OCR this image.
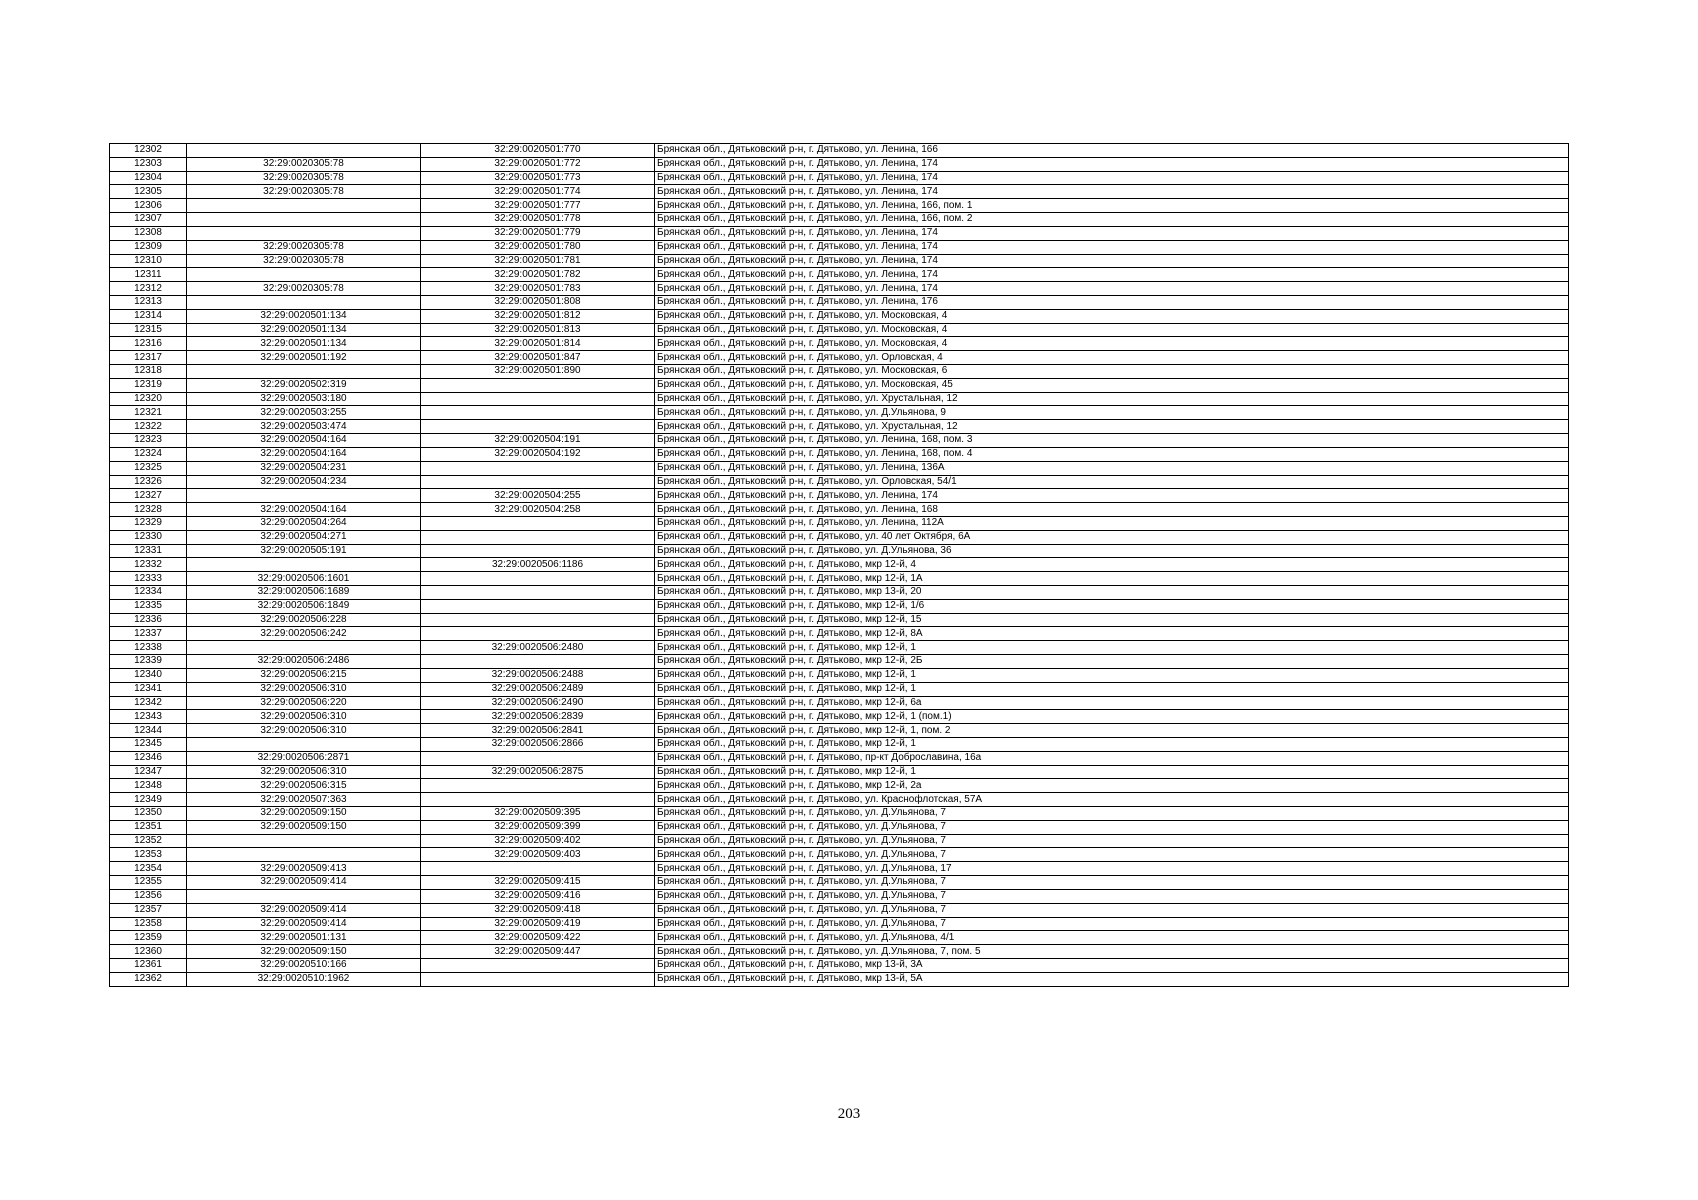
12302		32:29:0020501:770	Брянская обл., Дятьковский р-н, г. Дятьково, ул. Ленина, 166
12303	32:29:0020305:78	32:29:0020501:772	Брянская обл., Дятьковский р-н, г. Дятьково, ул. Ленина, 174
12304	32:29:0020305:78	32:29:0020501:773	Брянская обл., Дятьковский р-н, г. Дятьково, ул. Ленина, 174
12305	32:29:0020305:78	32:29:0020501:774	Брянская обл., Дятьковский р-н, г. Дятьково, ул. Ленина, 174
12306		32:29:0020501:777	Брянская обл., Дятьковский р-н, г. Дятьково, ул. Ленина, 166, пом. 1
12307		32:29:0020501:778	Брянская обл., Дятьковский р-н, г. Дятьково, ул. Ленина, 166, пом. 2
12308		32:29:0020501:779	Брянская обл., Дятьковский р-н, г. Дятьково, ул. Ленина, 174
12309	32:29:0020305:78	32:29:0020501:780	Брянская обл., Дятьковский р-н, г. Дятьково, ул. Ленина, 174
12310	32:29:0020305:78	32:29:0020501:781	Брянская обл., Дятьковский р-н, г. Дятьково, ул. Ленина, 174
12311		32:29:0020501:782	Брянская обл., Дятьковский р-н, г. Дятьково, ул. Ленина, 174
12312	32:29:0020305:78	32:29:0020501:783	Брянская обл., Дятьковский р-н, г. Дятьково, ул. Ленина, 174
12313		32:29:0020501:808	Брянская обл., Дятьковский р-н, г. Дятьково, ул. Ленина, 176
12314	32:29:0020501:134	32:29:0020501:812	Брянская обл., Дятьковский р-н, г. Дятьково, ул. Московская, 4
12315	32:29:0020501:134	32:29:0020501:813	Брянская обл., Дятьковский р-н, г. Дятьково, ул. Московская, 4
12316	32:29:0020501:134	32:29:0020501:814	Брянская обл., Дятьковский р-н, г. Дятьково, ул. Московская, 4
12317	32:29:0020501:192	32:29:0020501:847	Брянская обл., Дятьковский р-н, г. Дятьково, ул. Орловская, 4
12318		32:29:0020501:890	Брянская обл., Дятьковский р-н, г. Дятьково, ул. Московская, 6
12319	32:29:0020502:319		Брянская обл., Дятьковский р-н, г. Дятьково, ул. Московская, 45
12320	32:29:0020503:180		Брянская обл., Дятьковский р-н, г. Дятьково, ул. Хрустальная, 12
12321	32:29:0020503:255		Брянская обл., Дятьковский р-н, г. Дятьково, ул. Д.Ульянова, 9
12322	32:29:0020503:474		Брянская обл., Дятьковский р-н, г. Дятьково, ул. Хрустальная, 12
12323	32:29:0020504:164	32:29:0020504:191	Брянская обл., Дятьковский р-н, г. Дятьково, ул. Ленина, 168, пом. 3
12324	32:29:0020504:164	32:29:0020504:192	Брянская обл., Дятьковский р-н, г. Дятьково, ул. Ленина, 168, пом. 4
12325	32:29:0020504:231		Брянская обл., Дятьковский р-н, г. Дятьково, ул. Ленина, 136А
12326	32:29:0020504:234		Брянская обл., Дятьковский р-н, г. Дятьково, ул. Орловская, 54/1
12327		32:29:0020504:255	Брянская обл., Дятьковский р-н, г. Дятьково, ул. Ленина, 174
12328	32:29:0020504:164	32:29:0020504:258	Брянская обл., Дятьковский р-н, г. Дятьково, ул. Ленина, 168
12329	32:29:0020504:264		Брянская обл., Дятьковский р-н, г. Дятьково, ул. Ленина, 112А
12330	32:29:0020504:271		Брянская обл., Дятьковский р-н, г. Дятьково, ул. 40 лет Октября, 6А
12331	32:29:0020505:191		Брянская обл., Дятьковский р-н, г. Дятьково, ул. Д.Ульянова, 36
12332		32:29:0020506:1186	Брянская обл., Дятьковский р-н, г. Дятьково, мкр 12-й, 4
12333	32:29:0020506:1601		Брянская обл., Дятьковский р-н, г. Дятьково, мкр 12-й, 1А
12334	32:29:0020506:1689		Брянская обл., Дятьковский р-н, г. Дятьково, мкр 13-й, 20
12335	32:29:0020506:1849		Брянская обл., Дятьковский р-н, г. Дятьково, мкр 12-й, 1/6
12336	32:29:0020506:228		Брянская обл., Дятьковский р-н, г. Дятьково, мкр 12-й, 15
12337	32:29:0020506:242		Брянская обл., Дятьковский р-н, г. Дятьково, мкр 12-й, 8А
12338		32:29:0020506:2480	Брянская обл., Дятьковский р-н, г. Дятьково, мкр 12-й, 1
12339	32:29:0020506:2486		Брянская обл., Дятьковский р-н, г. Дятьково, мкр 12-й, 2Б
12340	32:29:0020506:215	32:29:0020506:2488	Брянская обл., Дятьковский р-н, г. Дятьково, мкр 12-й, 1
12341	32:29:0020506:310	32:29:0020506:2489	Брянская обл., Дятьковский р-н, г. Дятьково, мкр 12-й, 1
12342	32:29:0020506:220	32:29:0020506:2490	Брянская обл., Дятьковский р-н, г. Дятьково, мкр 12-й, 6а
12343	32:29:0020506:310	32:29:0020506:2839	Брянская обл., Дятьковский р-н, г. Дятьково, мкр 12-й, 1 (пом.1)
12344	32:29:0020506:310	32:29:0020506:2841	Брянская обл., Дятьковский р-н, г. Дятьково, мкр 12-й, 1, пом. 2
12345		32:29:0020506:2866	Брянская обл., Дятьковский р-н, г. Дятьково, мкр 12-й, 1
12346	32:29:0020506:2871		Брянская обл., Дятьковский р-н, г. Дятьково, пр-кт Доброславина, 16а
12347	32:29:0020506:310	32:29:0020506:2875	Брянская обл., Дятьковский р-н, г. Дятьково, мкр 12-й, 1
12348	32:29:0020506:315		Брянская обл., Дятьковский р-н, г. Дятьково, мкр 12-й, 2а
12349	32:29:0020507:363		Брянская обл., Дятьковский р-н, г. Дятьково, ул. Краснофлотская, 57А
12350	32:29:0020509:150	32:29:0020509:395	Брянская обл., Дятьковский р-н, г. Дятьково, ул. Д.Ульянова, 7
12351	32:29:0020509:150	32:29:0020509:399	Брянская обл., Дятьковский р-н, г. Дятьково, ул. Д.Ульянова, 7
12352		32:29:0020509:402	Брянская обл., Дятьковский р-н, г. Дятьково, ул. Д.Ульянова, 7
12353		32:29:0020509:403	Брянская обл., Дятьковский р-н, г. Дятьково, ул. Д.Ульянова, 7
12354	32:29:0020509:413		Брянская обл., Дятьковский р-н, г. Дятьково, ул. Д.Ульянова, 17
12355	32:29:0020509:414	32:29:0020509:415	Брянская обл., Дятьковский р-н, г. Дятьково, ул. Д.Ульянова, 7
12356		32:29:0020509:416	Брянская обл., Дятьковский р-н, г. Дятьково, ул. Д.Ульянова, 7
12357	32:29:0020509:414	32:29:0020509:418	Брянская обл., Дятьковский р-н, г. Дятьково, ул. Д.Ульянова, 7
12358	32:29:0020509:414	32:29:0020509:419	Брянская обл., Дятьковский р-н, г. Дятьково, ул. Д.Ульянова, 7
12359	32:29:0020501:131	32:29:0020509:422	Брянская обл., Дятьковский р-н, г. Дятьково, ул. Д.Ульянова, 4/1
12360	32:29:0020509:150	32:29:0020509:447	Брянская обл., Дятьковский р-н, г. Дятьково, ул. Д.Ульянова, 7, пом. 5
12361	32:29:0020510:166		Брянская обл., Дятьковский р-н, г. Дятьково, мкр 13-й, 3А
12362	32:29:0020510:1962		Брянская обл., Дятьковский р-н, г. Дятьково, мкр 13-й, 5А
203
